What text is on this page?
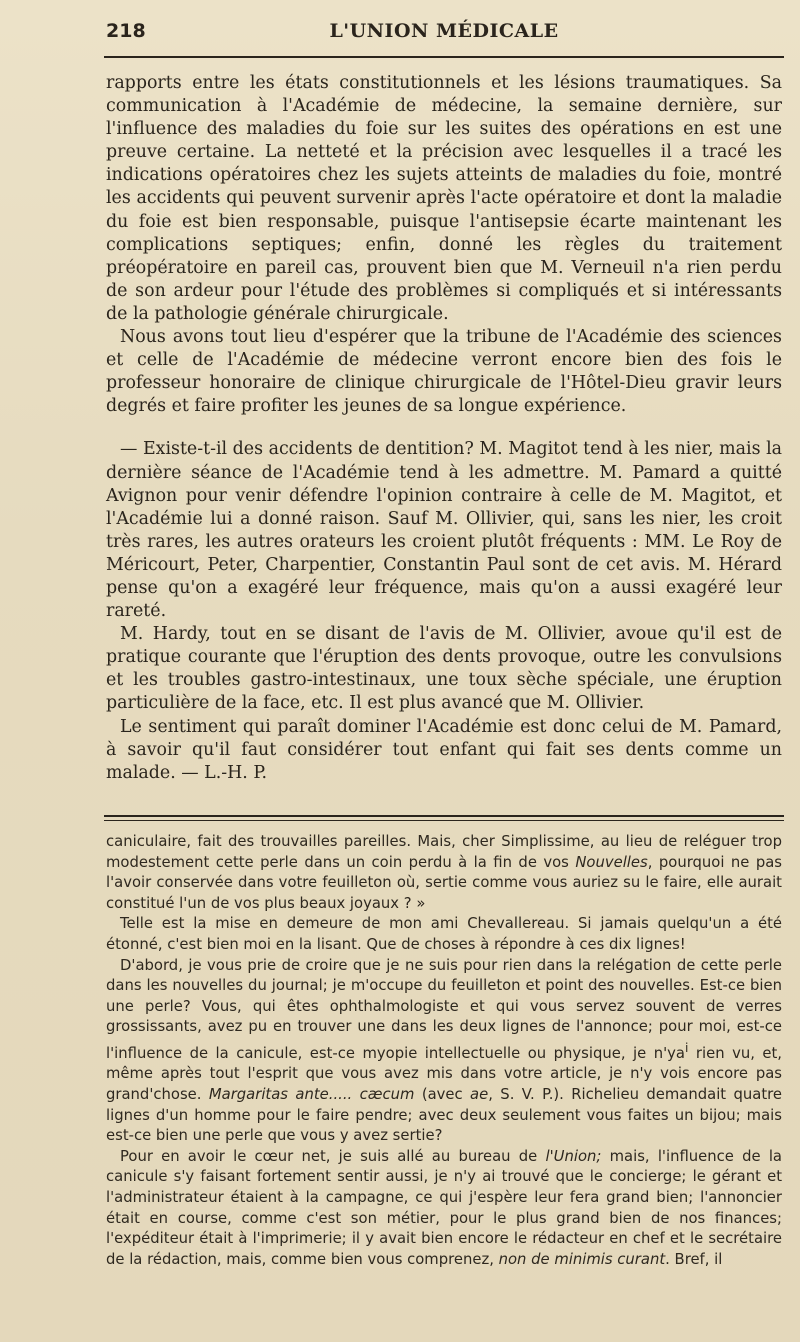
218	L'UNION MÉDICALE

rapports entre les états constitutionnels et les lésions traumatiques. Sa communication à l'Académie de médecine, la semaine dernière, sur l'influence des maladies du foie sur les suites des opérations en est une preuve certaine. La netteté et la précision avec lesquelles il a tracé les indications opératoires chez les sujets atteints de maladies du foie, montré les accidents qui peuvent survenir après l'acte opératoire et dont la maladie du foie est bien responsable, puisque l'antisepsie écarte maintenant les complications septiques; enfin, donné les règles du traitement préopératoire en pareil cas, prouvent bien que M. Verneuil n'a rien perdu de son ardeur pour l'étude des problèmes si compliqués et si intéressants de la pathologie générale chirurgicale.

Nous avons tout lieu d'espérer que la tribune de l'Académie des sciences et celle de l'Académie de médecine verront encore bien des fois le professeur honoraire de clinique chirurgicale de l'Hôtel-Dieu gravir leurs degrés et faire profiter les jeunes de sa longue expérience.

— Existe-t-il des accidents de dentition? M. Magitot tend à les nier, mais la dernière séance de l'Académie tend à les admettre. M. Pamard a quitté Avignon pour venir défendre l'opinion contraire à celle de M. Magitot, et l'Académie lui a donné raison. Sauf M. Ollivier, qui, sans les nier, les croit très rares, les autres orateurs les croient plutôt fréquents : MM. Le Roy de Méricourt, Peter, Charpentier, Constantin Paul sont de cet avis. M. Hérard pense qu'on a exagéré leur fréquence, mais qu'on a aussi exagéré leur rareté.

M. Hardy, tout en se disant de l'avis de M. Ollivier, avoue qu'il est de pratique courante que l'éruption des dents provoque, outre les convulsions et les troubles gastro-intestinaux, une toux sèche spéciale, une éruption particulière de la face, etc. Il est plus avancé que M. Ollivier.

Le sentiment qui paraît dominer l'Académie est donc celui de M. Pamard, à savoir qu'il faut considérer tout enfant qui fait ses dents comme un malade. — L.-H. P.

caniculaire, fait des trouvailles pareilles. Mais, cher Simplissime, au lieu de reléguer trop modestement cette perle dans un coin perdu à la fin de vos Nouvelles, pourquoi ne pas l'avoir conservée dans votre feuilleton où, sertie comme vous auriez su le faire, elle aurait constitué l'un de vos plus beaux joyaux ? »

Telle est la mise en demeure de mon ami Chevallereau. Si jamais quelqu'un a été étonné, c'est bien moi en la lisant. Que de choses à répondre à ces dix lignes!

D'abord, je vous prie de croire que je ne suis pour rien dans la relégation de cette perle dans les nouvelles du journal; je m'occupe du feuilleton et point des nouvelles. Est-ce bien une perle? Vous, qui êtes ophthalmologiste et qui vous servez souvent de verres grossissants, avez pu en trouver une dans les deux lignes de l'annonce; pour moi, est-ce l'influence de la canicule, est-ce myopie intellectuelle ou physique, je $n'ya^i$ rien vu, et, même après tout l'esprit que vous avez mis dans votre article, je n'y vois encore pas grand'chose. Margaritas ante..... cæcum (avec ae, S. V. P.). Richelieu demandait quatre lignes d'un homme pour le faire pendre; avec deux seulement vous faites un bijou; mais est-ce bien une perle que vous y avez sertie?

Pour en avoir le cœur net, je suis allé au bureau de l'Union; mais, l'influence de la canicule s'y faisant fortement sentir aussi, je n'y ai trouvé que le concierge; le gérant et l'administrateur étaient à la campagne, ce qui j'espère leur fera grand bien; l'annoncier était en course, comme c'est son métier, pour le plus grand bien de nos finances; l'expéditeur était à l'imprimerie; il y avait bien encore le rédacteur en chef et le secrétaire de la rédaction, mais, comme bien vous comprenez, non de minimis curant. Bref, il
